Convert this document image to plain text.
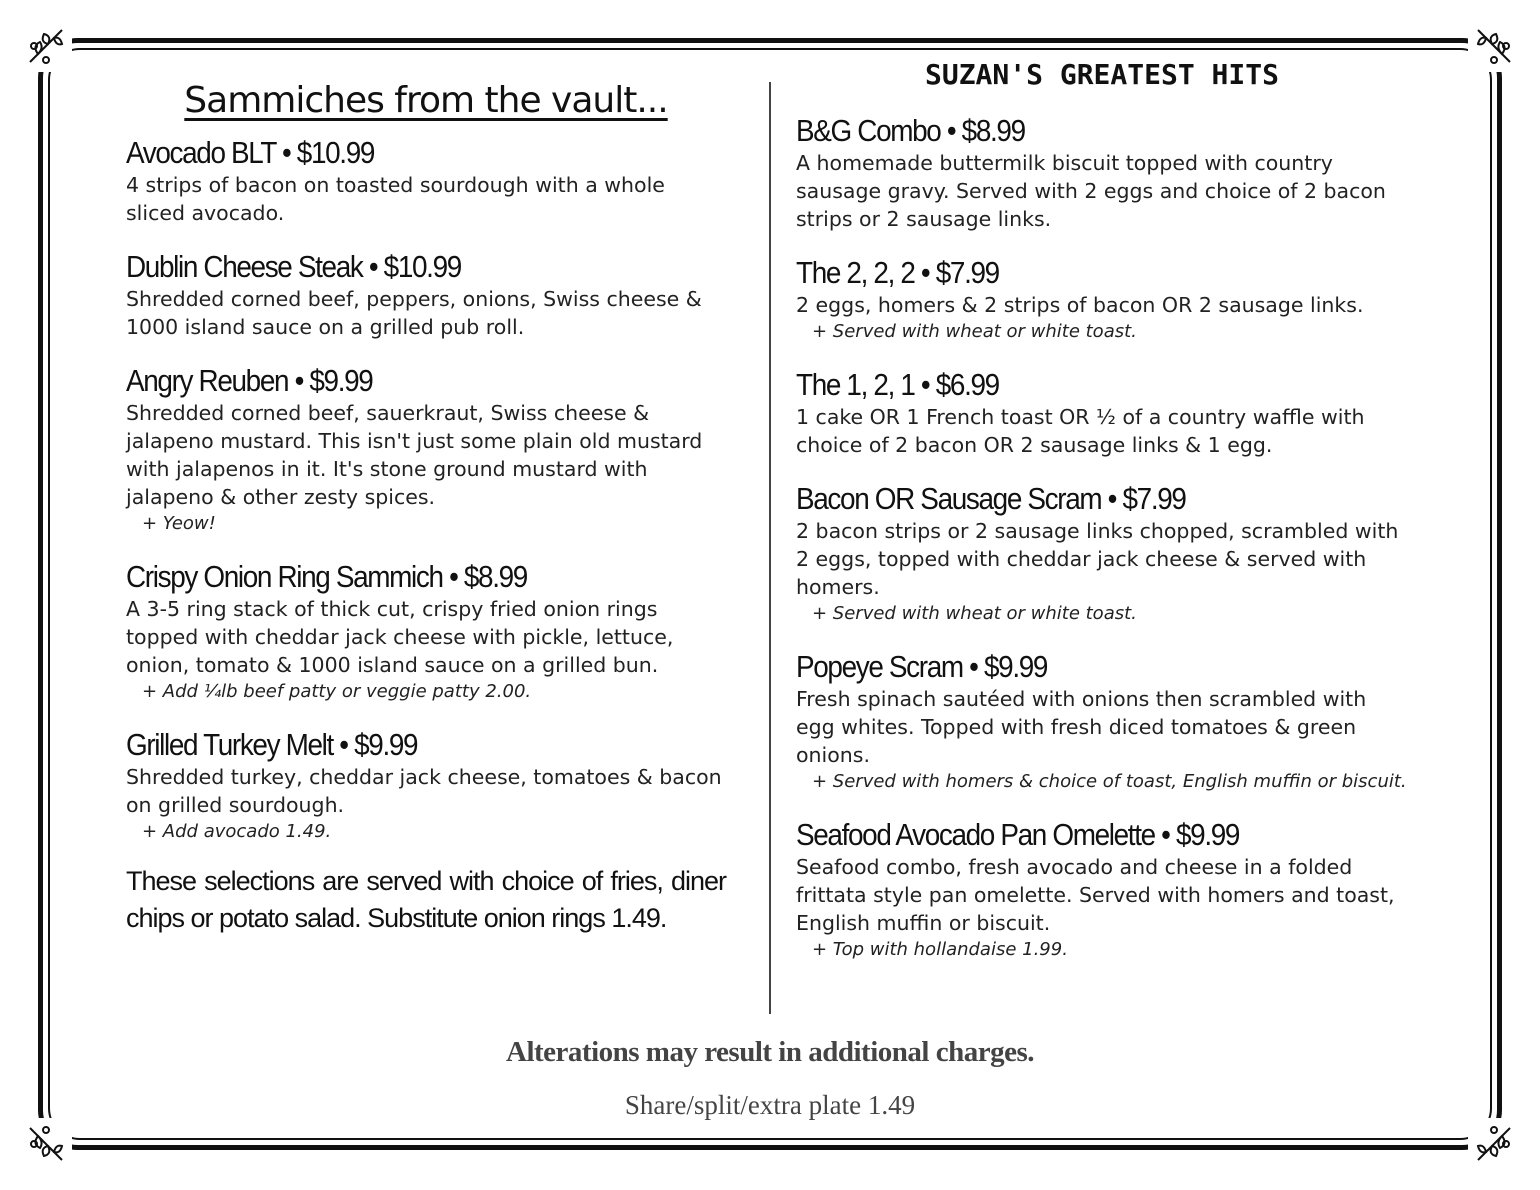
Sammiches from the vault...
Avocado BLT • $10.99

4 strips of bacon on toasted sourdough with a whole sliced avocado.

Dublin Cheese Steak • $10.99

Shredded corned beef, peppers, onions, Swiss cheese & 1000 island sauce on a grilled pub roll.

Angry Reuben • $9.99

Shredded corned beef, sauerkraut, Swiss cheese & jalapeno mustard. This isn't just some plain old mustard with jalapenos in it. It's stone ground mustard with jalapeno & other zesty spices.

+ Yeow!
Crispy Onion Ring Sammich • $8.99

A 3-5 ring stack of thick cut, crispy fried onion rings topped with cheddar jack cheese with pickle, lettuce, onion, tomato & 1000 island sauce on a grilled bun.

+ Add ¼lb beef patty or veggie patty 2.00.
Grilled Turkey Melt • $9.99

Shredded turkey, cheddar jack cheese, tomatoes & bacon on grilled sourdough.

+ Add avocado 1.49.
These selections are served with choice of fries, diner chips or potato salad. Substitute onion rings 1.49.
SUZAN'S GREATEST HITS
B&G Combo • $8.99

A homemade buttermilk biscuit topped with country sausage gravy. Served with 2 eggs and choice of 2 bacon strips or 2 sausage links.

The 2, 2, 2 • $7.99

2 eggs, homers & 2 strips of bacon OR 2 sausage links.

+ Served with wheat or white toast.
The 1, 2, 1 • $6.99

1 cake OR 1 French toast OR ½ of a country waffle with choice of 2 bacon OR 2 sausage links & 1 egg.

Bacon OR Sausage Scram • $7.99

2 bacon strips or 2 sausage links chopped, scrambled with 2 eggs, topped with cheddar jack cheese & served with homers.

+ Served with wheat or white toast.
Popeye Scram • $9.99

Fresh spinach sautéed with onions then scrambled with egg whites. Topped with fresh diced tomatoes & green onions.

+ Served with homers & choice of toast, English muffin or biscuit.
Seafood Avocado Pan Omelette • $9.99

Seafood combo, fresh avocado and cheese in a folded frittata style pan omelette. Served with homers and toast, English muffin or biscuit.

+ Top with hollandaise 1.99.
Alterations may result in additional charges.
Share/split/extra plate 1.49
